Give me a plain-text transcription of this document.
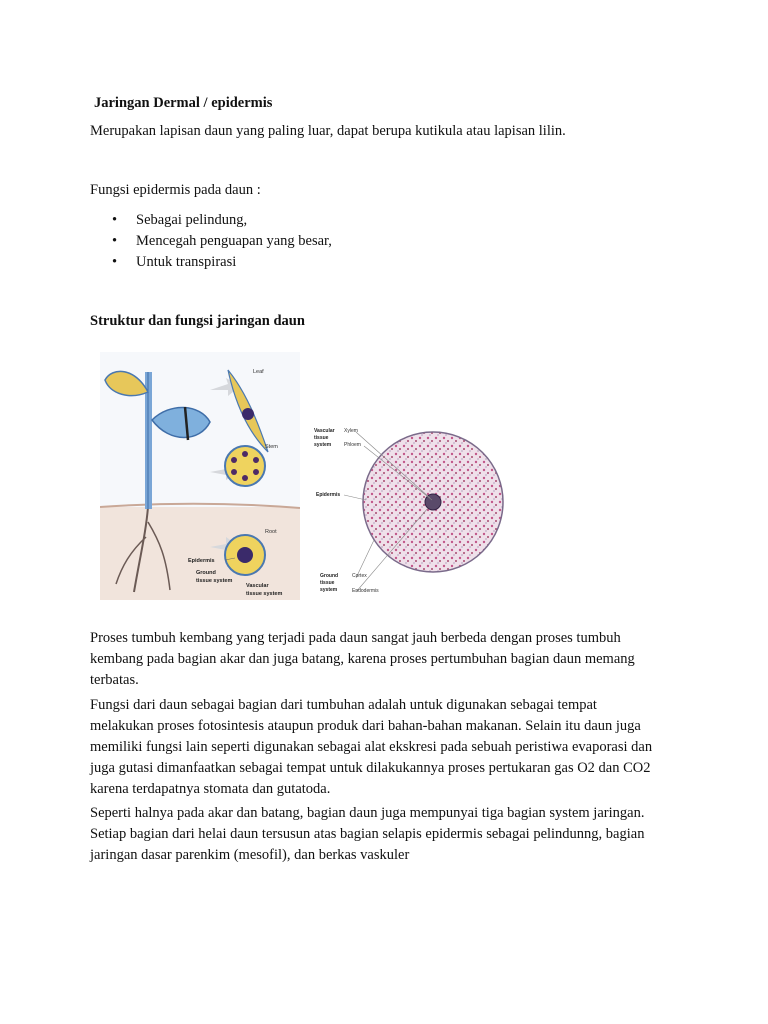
Jaringan Dermal / epidermis

Merupakan lapisan daun yang paling luar, dapat berupa kutikula atau lapisan lilin.

Fungsi epidermis pada daun :

• Sebagai pelindung,
• Mencegah penguapan yang besar,
• Untuk transpirasi

Struktur dan fungsi jaringan daun

Leaf
Stem
Root
Epidermis
Ground
tissue system
Vascular
tissue system
Vascular
tissue
system
Xylem
Phloem
Epidermis
Ground
tissue
system
Cortex
Endodermis

Proses tumbuh kembang yang terjadi pada daun sangat jauh berbeda dengan proses tumbuh
kembang pada bagian akar dan juga batang, karena proses pertumbuhan bagian daun memang
terbatas.

Fungsi dari daun sebagai bagian dari tumbuhan adalah untuk digunakan sebagai tempat
melakukan proses fotosintesis ataupun produk dari bahan-bahan makanan. Selain itu daun juga
memiliki fungsi lain seperti digunakan sebagai alat ekskresi pada sebuah peristiwa evaporasi dan
juga gutasi dimanfaatkan sebagai tempat untuk dilakukannya proses pertukaran gas O2 dan CO2
karena terdapatnya stomata dan gutatoda.

Seperti halnya pada akar dan batang, bagian daun juga mempunyai tiga bagian system jaringan.
Setiap bagian dari helai daun tersusun atas bagian selapis epidermis sebagai pelindunng, bagian
jaringan dasar parenkim (mesofil), dan berkas vaskuler
